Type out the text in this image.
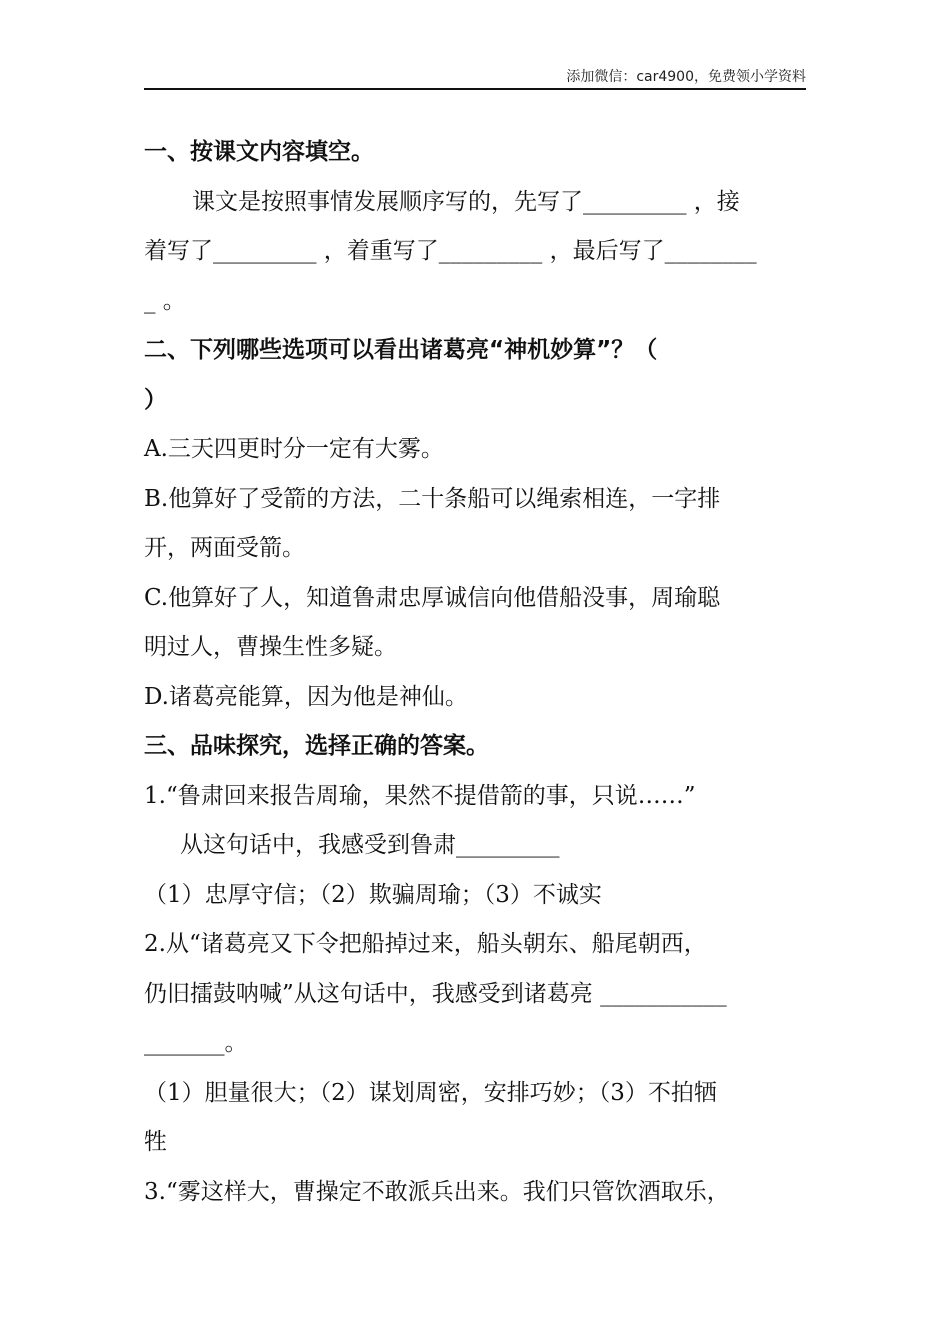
添加微信：car4900，免费领小学资料
一、按课文内容填空。
课文是按照事情发展顺序写的，先写了_________ ，接
着写了_________ ，着重写了_________ ，最后写了________
_ 。
二、下列哪些选项可以看出诸葛亮“神机妙算”？（
）
A.三天四更时分一定有大雾。
B.他算好了受箭的方法，二十条船可以绳索相连，一字排
开，两面受箭。
C.他算好了人，知道鲁肃忠厚诚信向他借船没事，周瑜聪
明过人，曹操生性多疑。
D.诸葛亮能算，因为他是神仙。
三、品味探究，选择正确的答案。
1.“鲁肃回来报告周瑜，果然不提借箭的事，只说……”
从这句话中，我感受到鲁肃_________
（1）忠厚守信；（2）欺骗周瑜；（3）不诚实
2.从“诸葛亮又下令把船掉过来，船头朝东、船尾朝西，
仍旧擂鼓呐喊”从这句话中，我感受到诸葛亮 ___________
_______。
（1）胆量很大；（2）谋划周密，安排巧妙；（3）不拍牺
牲
3.“雾这样大，曹操定不敢派兵出来。我们只管饮酒取乐，
